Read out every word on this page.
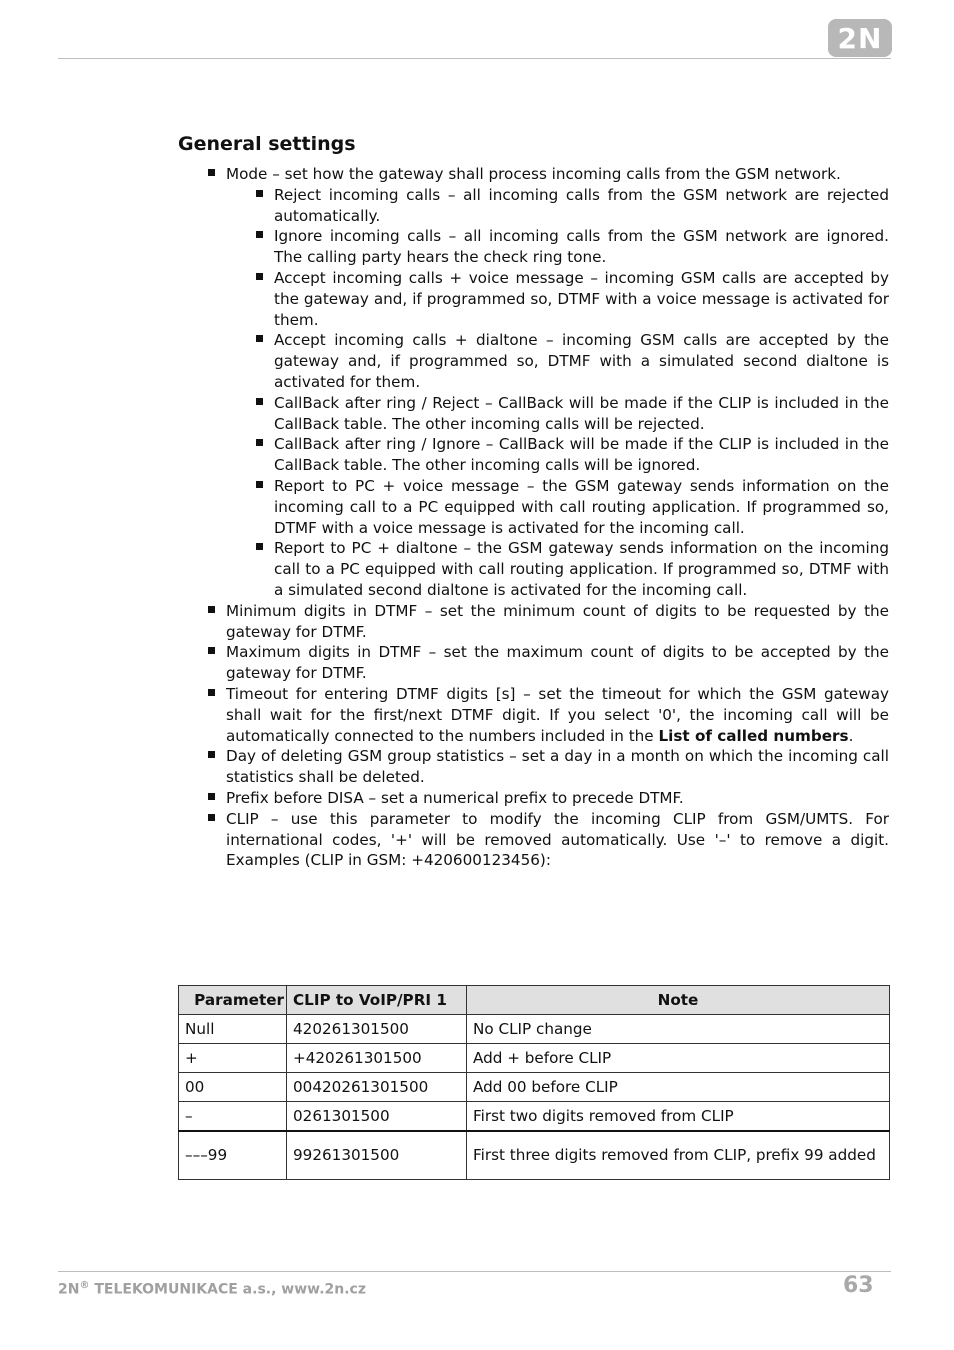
2N
General settings
Mode – set how the gateway shall process incoming calls from the GSM network.
Reject incoming calls – all incoming calls from the GSM network are rejected automatically.
Ignore incoming calls – all incoming calls from the GSM network are ignored. The calling party hears the check ring tone.
Accept incoming calls + voice message – incoming GSM calls are accepted by the gateway and, if programmed so, DTMF with a voice message is activated for them.
Accept incoming calls + dialtone – incoming GSM calls are accepted by the gateway and, if programmed so, DTMF with a simulated second dialtone is activated for them.
CallBack after ring / Reject – CallBack will be made if the CLIP is included in the CallBack table. The other incoming calls will be rejected.
CallBack after ring / Ignore – CallBack will be made if the CLIP is included in the CallBack table. The other incoming calls will be ignored.
Report to PC + voice message – the GSM gateway sends information on the incoming call to a PC equipped with call routing application. If programmed so, DTMF with a voice message is activated for the incoming call.
Report to PC + dialtone – the GSM gateway sends information on the incoming call to a PC equipped with call routing application. If programmed so, DTMF with a simulated second dialtone is activated for the incoming call.
Minimum digits in DTMF – set the minimum count of digits to be requested by the gateway for DTMF.
Maximum digits in DTMF – set the maximum count of digits to be accepted by the gateway for DTMF.
Timeout for entering DTMF digits [s] – set the timeout for which the GSM gateway shall wait for the first/next DTMF digit. If you select '0', the incoming call will be automatically connected to the numbers included in the List of called numbers.
Day of deleting GSM group statistics – set a day in a month on which the incoming call statistics shall be deleted.
Prefix before DISA – set a numerical prefix to precede DTMF.
CLIP – use this parameter to modify the incoming CLIP from GSM/UMTS. For international codes, '+' will be removed automatically. Use '–' to remove a digit. Examples (CLIP in GSM: +420600123456):
Parameter	CLIP to VoIP/PRI 1	Note
Null	420261301500	No CLIP change
+	+420261301500	Add + before CLIP
00	00420261301500	Add 00 before CLIP
–	0261301500	First two digits removed from CLIP
–––99	99261301500	First three digits removed from CLIP, prefix 99 added
2N® TELEKOMUNIKACE a.s., www.2n.cz	63
